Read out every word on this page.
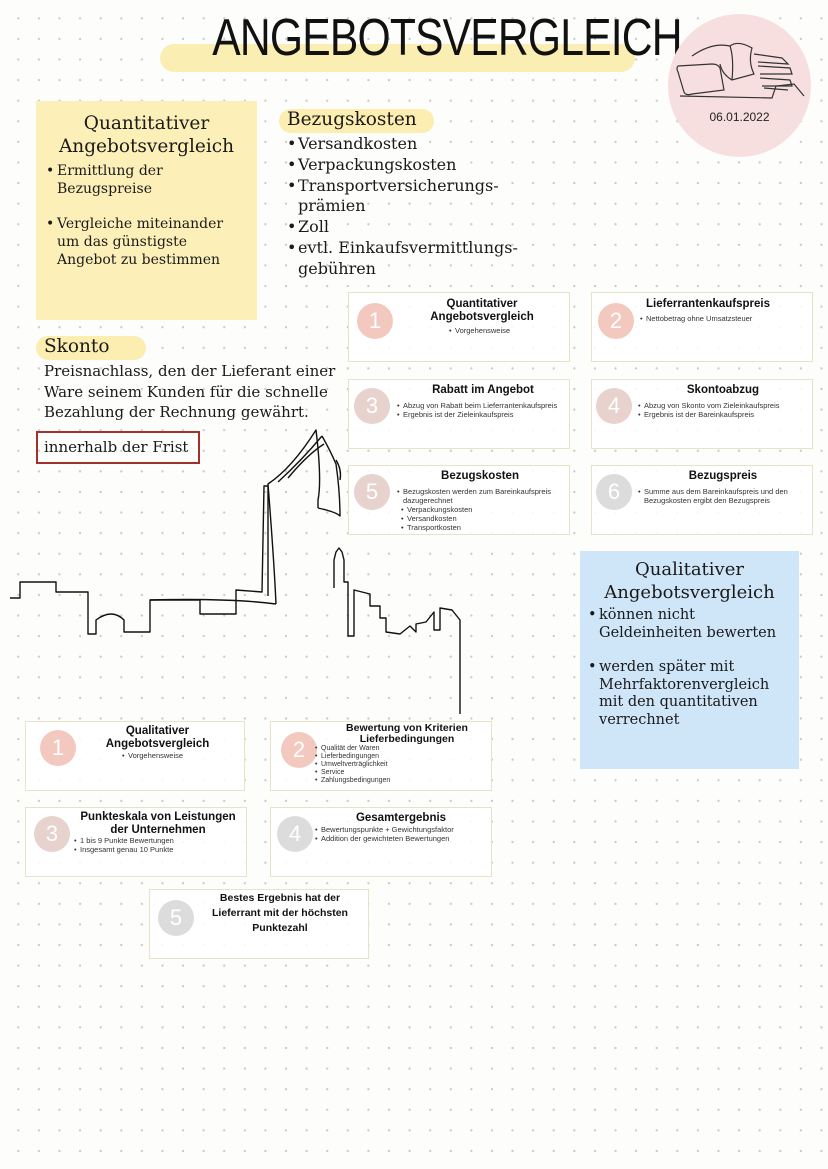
ANGEBOTSVERGLEICH
06.01.2022
Quantitativer Angebotsvergleich
• Ermittlung der Bezugspreise
• Vergleiche miteinander um das günstigste Angebot zu bestimmen
Bezugskosten
• Versandkosten
• Verpackungskosten
• Transportversicherungs-prämien
• Zoll
• evtl. Einkaufsvermittlungs-gebühren
Skonto
Preisnachlass, den der Lieferant einer Ware seinem Kunden für die schnelle Bezahlung der Rechnung gewährt.
innerhalb der Frist
1
Quantitativer Angebotsvergleich
• Vorgehensweise	2
Lieferrantenkaufspreis
• Nettobetrag ohne Umsatzsteuer
3
Rabatt im Angebot
• Abzug von Rabatt beim Lieferrantenkaufspreis
• Ergebnis ist der Zieleinkaufspreis	4
Skontoabzug
• Abzug von Skonto vom Zieleinkaufspreis
• Ergebnis ist der Bareinkaufspreis
5
Bezugskosten
• Bezugskosten werden zum Bareinkaufspreis dazugerechnet
• Verpackungskosten
• Versandkosten
• Transportkosten
6
Bezugspreis
• Summe aus dem Bareinkaufspreis und den Bezugskosten ergibt den Bezugspreis
Qualitativer Angebotsvergleich
• können nicht Geldeinheiten bewerten
• werden später mit Mehrfaktorenvergleich mit den quantitativen verrechnet
1
Qualitativer Angebotsvergleich
• Vorgehensweise	2
Bewertung von Kriterien Lieferbedingungen
• Qualität der Waren
• Lieferbedingungen
• Umweltverträglichkeit
• Service
• Zahlungsbedingungen
3
Punkteskala von Leistungen der Unternehmen
• 1 bis 9 Punkte Bewertungen
• Insgesamt genau 10 Punkte
4
Gesamtergebnis
• Bewertungspunkte + Gewichtungsfaktor
• Addition der gewichteten Bewertungen
5
Bestes Ergebnis hat der Lieferrant mit der höchsten Punktezahl
